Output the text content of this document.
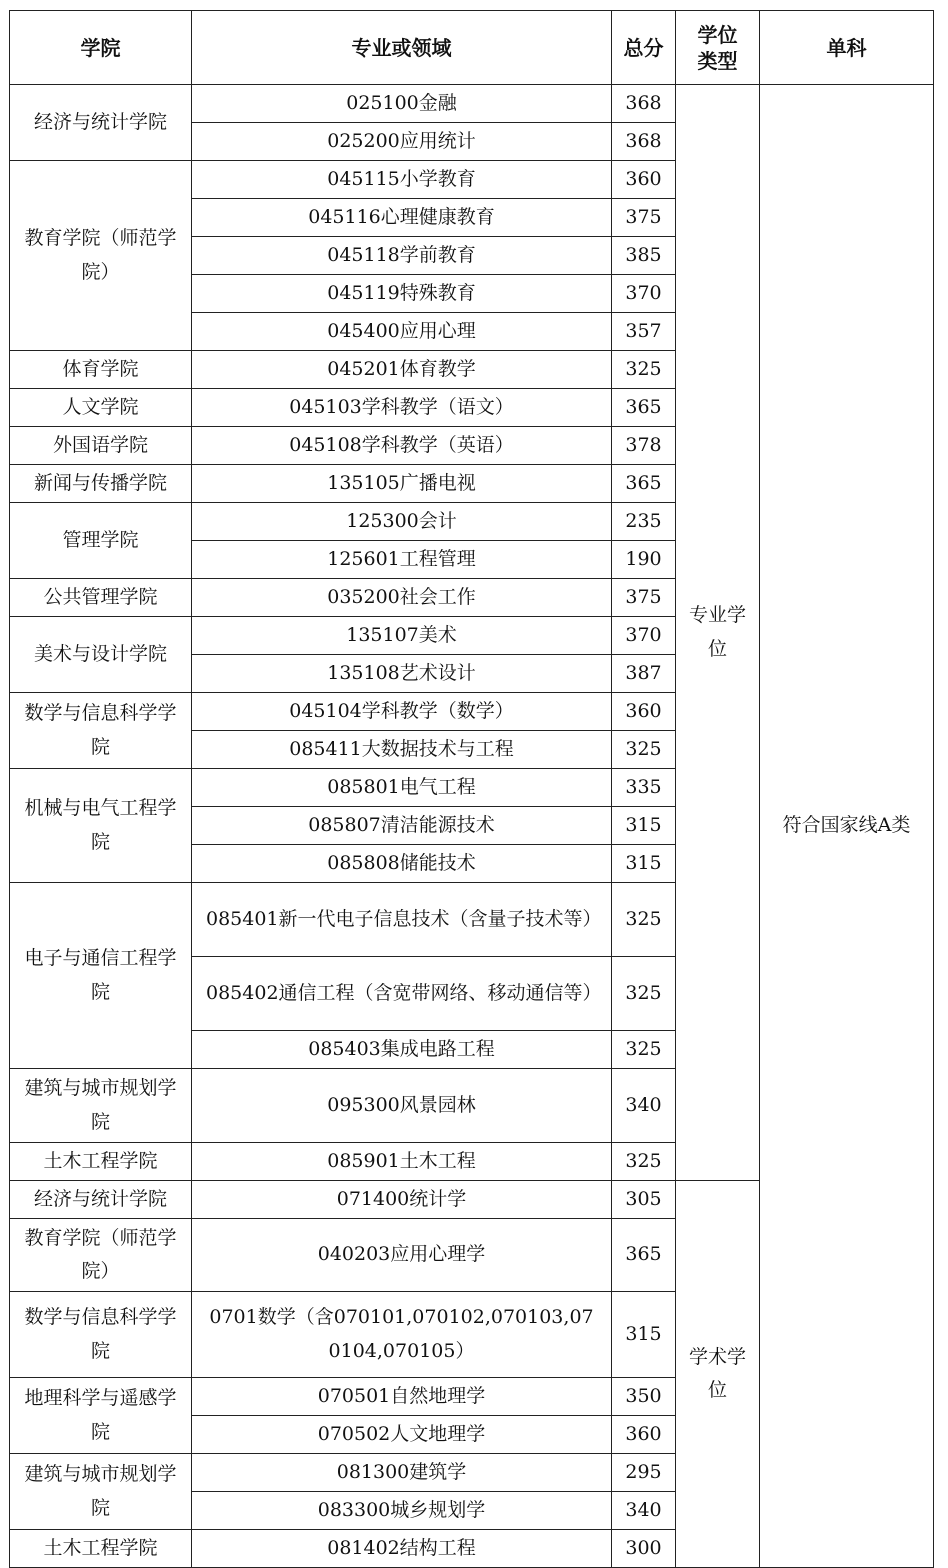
学院	专业或领域	总分	学位类型	单科
经济与统计学院	025100金融	368	专业学位	符合国家线A类
	025200应用统计	368		
教育学院（师范学院）	045115小学教育	360		
	045116心理健康教育	375		
	045118学前教育	385		
	045119特殊教育	370		
	045400应用心理	357		
体育学院	045201体育教学	325		
人文学院	045103学科教学（语文）	365		
外国语学院	045108学科教学（英语）	378		
新闻与传播学院	135105广播电视	365		
管理学院	125300会计	235		
	125601工程管理	190		
公共管理学院	035200社会工作	375		
美术与设计学院	135107美术	370		
	135108艺术设计	387		
数学与信息科学学院	045104学科教学（数学）	360		
	085411大数据技术与工程	325		
机械与电气工程学院	085801电气工程	335		
	085807清洁能源技术	315		
	085808储能技术	315		
电子与通信工程学院	085401新一代电子信息技术（含量子技术等）	325		
	085402通信工程（含宽带网络、移动通信等）	325		
	085403集成电路工程	325		
建筑与城市规划学院	095300风景园林	340		
土木工程学院	085901土木工程	325		
经济与统计学院	071400统计学	305	学术学位	
教育学院（师范学院）	040203应用心理学	365		
数学与信息科学学院	0701数学（含070101,070102,070103,070104,070105）	315		
地理科学与遥感学院	070501自然地理学	350		
	070502人文地理学	360		
建筑与城市规划学院	081300建筑学	295		
	083300城乡规划学	340		
土木工程学院	081402结构工程	300		
